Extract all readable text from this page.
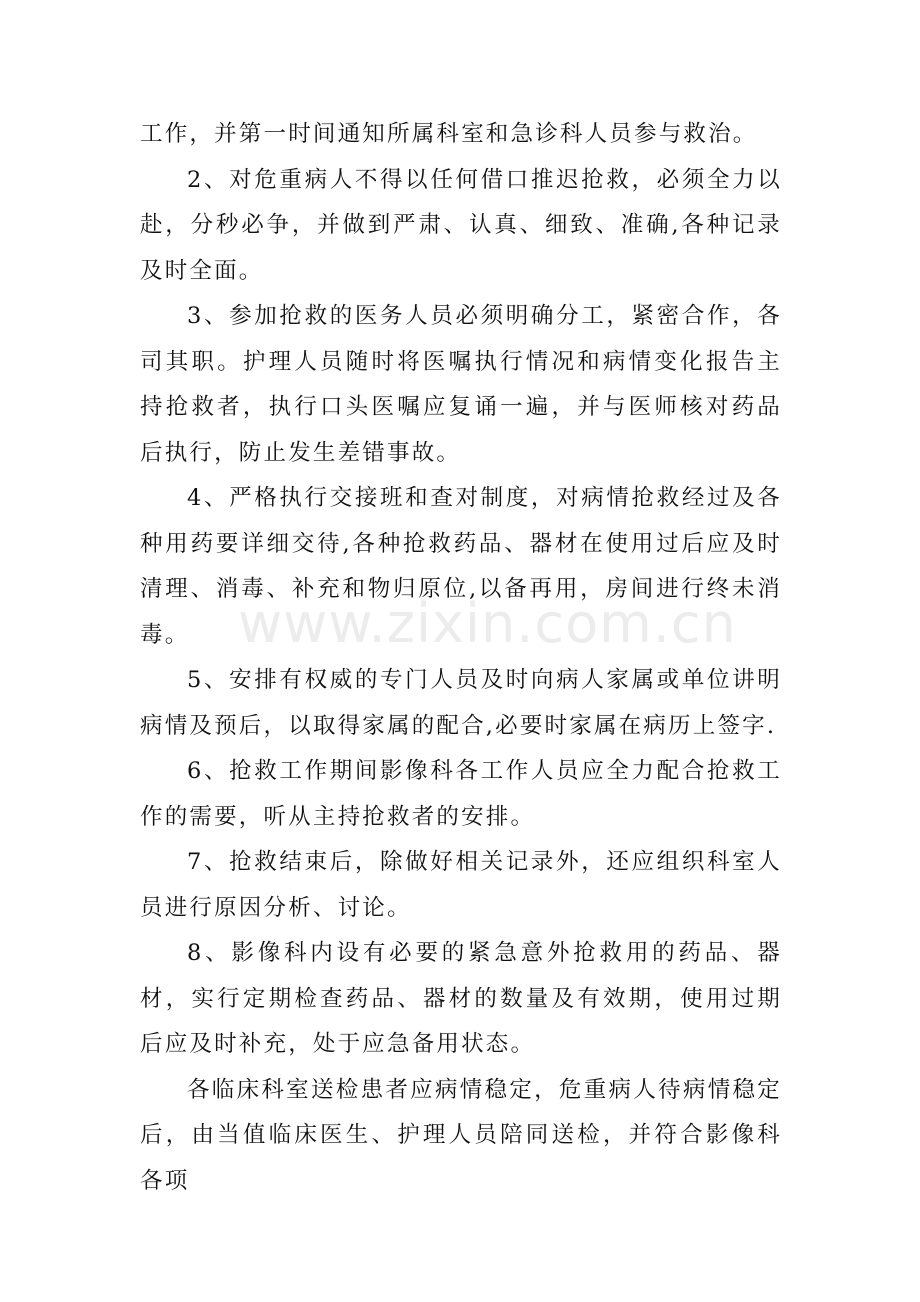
工作，并第一时间通知所属科室和急诊科人员参与救治。

2、对危重病人不得以任何借口推迟抢救，必须全力以赴，分秒必争，并做到严肃、认真、细致、准确,各种记录及时全面。

3、参加抢救的医务人员必须明确分工，紧密合作，各司其职。护理人员随时将医嘱执行情况和病情变化报告主持抢救者，执行口头医嘱应复诵一遍，并与医师核对药品后执行，防止发生差错事故。

4、严格执行交接班和查对制度，对病情抢救经过及各种用药要详细交待,各种抢救药品、器材在使用过后应及时清理、消毒、补充和物归原位,以备再用，房间进行终未消毒。

5、安排有权威的专门人员及时向病人家属或单位讲明病情及预后，以取得家属的配合,必要时家属在病历上签字.

6、抢救工作期间影像科各工作人员应全力配合抢救工作的需要，听从主持抢救者的安排。

7、抢救结束后，除做好相关记录外，还应组织科室人员进行原因分析、讨论。

8、影像科内设有必要的紧急意外抢救用的药品、器材，实行定期检查药品、器材的数量及有效期，使用过期后应及时补充，处于应急备用状态。

各临床科室送检患者应病情稳定，危重病人待病情稳定后，由当值临床医生、护理人员陪同送检，并符合影像科各项

www.zixin.com.cn
